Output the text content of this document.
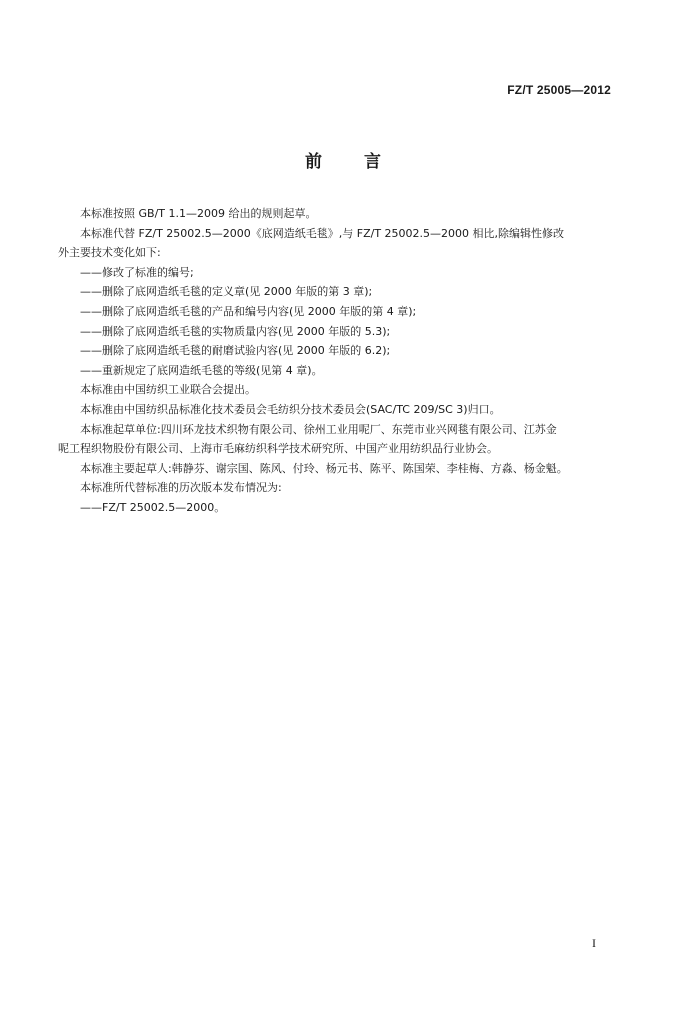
FZ/T 25005—2012
前 言

本标准按照 GB/T 1.1—2009 给出的规则起草。

本标准代替 FZ/T 25002.5—2000《底网造纸毛毯》,与 FZ/T 25002.5—2000 相比,除编辑性修改

外主要技术变化如下:

——修改了标准的编号;

——删除了底网造纸毛毯的定义章(见 2000 年版的第 3 章);

——删除了底网造纸毛毯的产品和编号内容(见 2000 年版的第 4 章);

——删除了底网造纸毛毯的实物质量内容(见 2000 年版的 5.3);

——删除了底网造纸毛毯的耐磨试验内容(见 2000 年版的 6.2);

——重新规定了底网造纸毛毯的等级(见第 4 章)。

本标准由中国纺织工业联合会提出。

本标准由中国纺织品标准化技术委员会毛纺织分技术委员会(SAC/TC 209/SC 3)归口。

本标准起草单位:四川环龙技术织物有限公司、徐州工业用呢厂、东莞市业兴网毯有限公司、江苏金

呢工程织物股份有限公司、上海市毛麻纺织科学技术研究所、中国产业用纺织品行业协会。

本标准主要起草人:韩静芬、谢宗国、陈风、付玲、杨元书、陈平、陈国荣、李桂梅、方淼、杨金魁。

本标准所代替标准的历次版本发布情况为:

——FZ/T 25002.5—2000。

I
